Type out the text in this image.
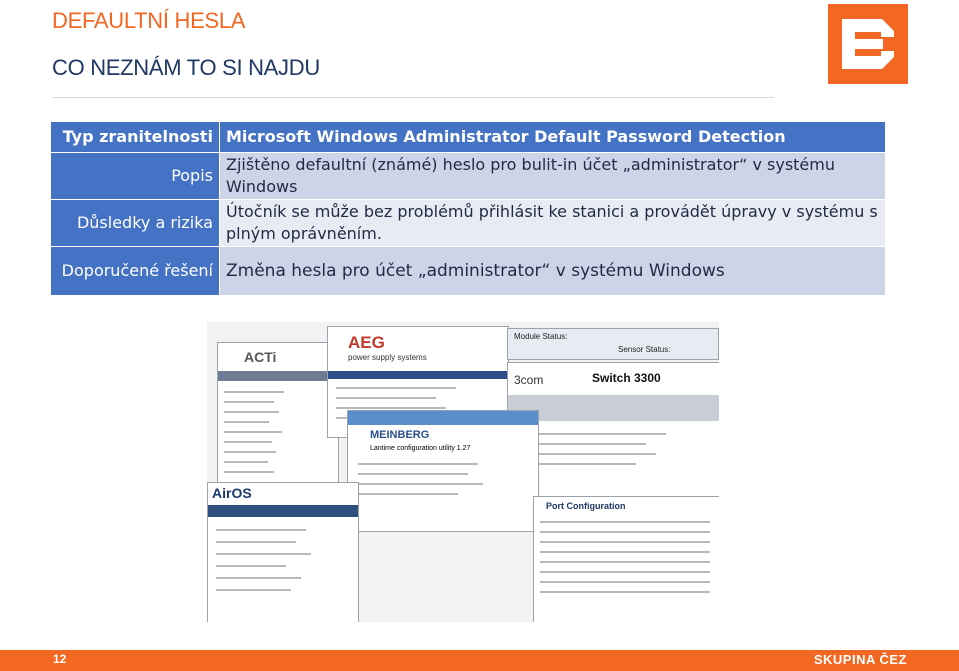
DEFAULTNÍ HESLA
CO NEZNÁM TO SI NAJDU
Typ zranitelnosti	Microsoft Windows Administrator Default Password Detection
Popis	Zjištěno defaultní (známé) heslo pro bulit-in účet „administrator“ v systému Windows
Důsledky a rizika	Útočník se může bez problémů přihlásit ke stanici a provádět úpravy v systému s plným oprávněním.
Doporučené řešení	Změna hesla pro účet „administrator“ v systému Windows
ACTi
AEG
power supply systems
Module Status:
Sensor Status:
3com	Switch 3300
MEINBERG
Lantime configuration utility 1.27
AirOS
Port Configuration
12	SKUPINA ČEZ
